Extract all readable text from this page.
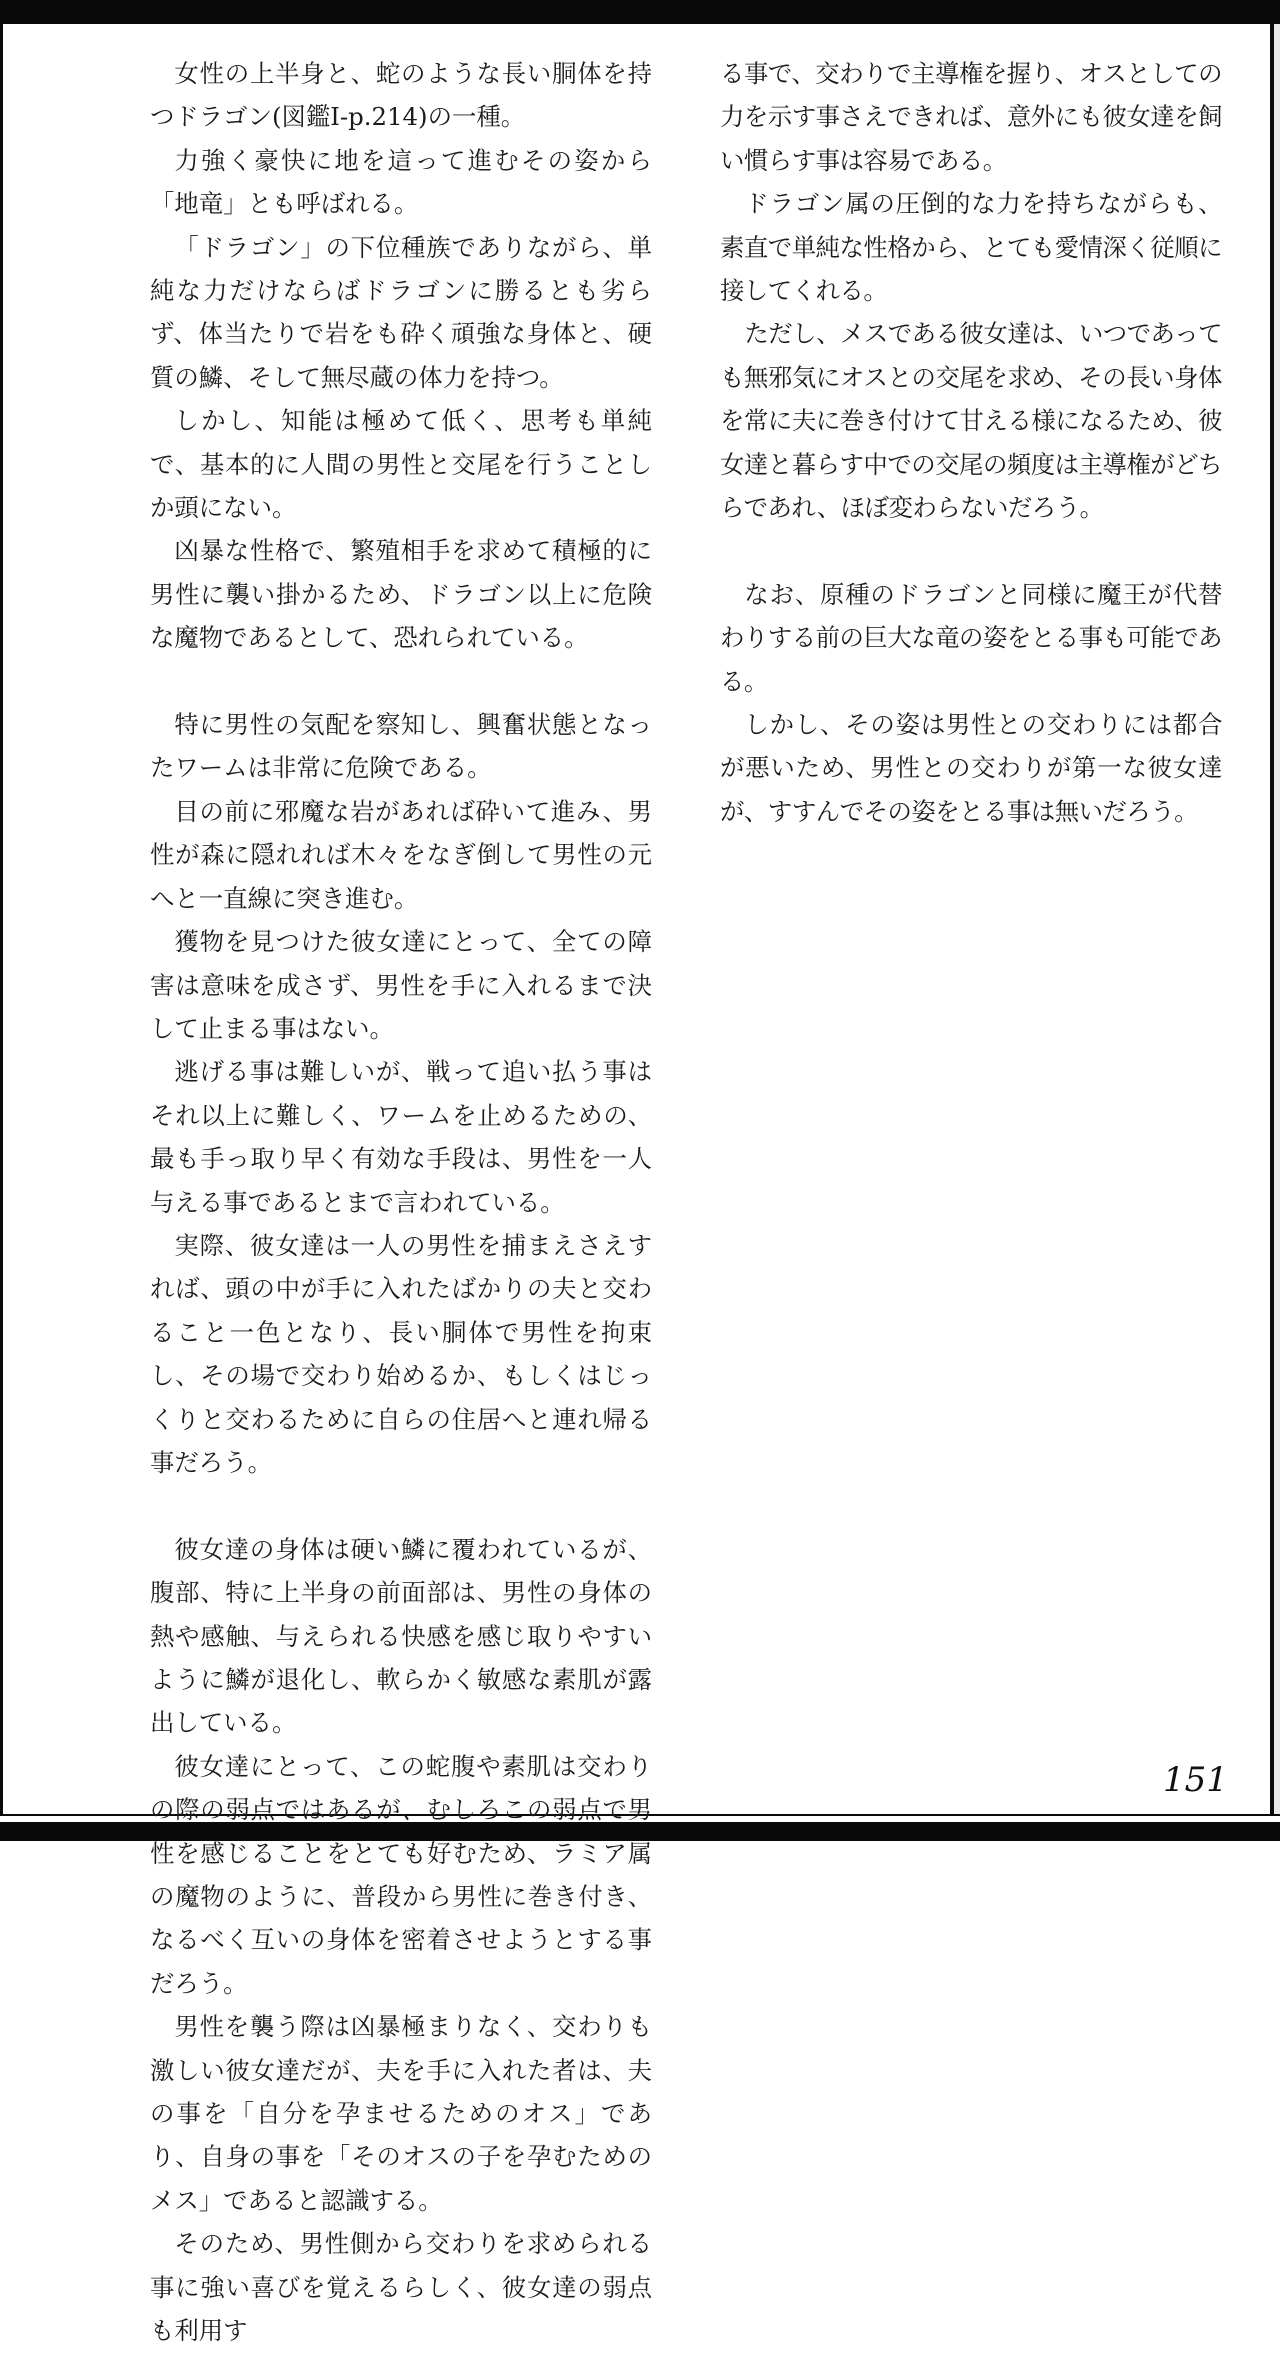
女性の上半身と、蛇のような長い胴体を持つドラゴン(図鑑Ⅰ-p.214)の一種。

力強く豪快に地を這って進むその姿から「地竜」とも呼ばれる。

「ドラゴン」の下位種族でありながら、単純な力だけならばドラゴンに勝るとも劣らず、体当たりで岩をも砕く頑強な身体と、硬質の鱗、そして無尽蔵の体力を持つ。

しかし、知能は極めて低く、思考も単純で、基本的に人間の男性と交尾を行うことしか頭にない。

凶暴な性格で、繁殖相手を求めて積極的に男性に襲い掛かるため、ドラゴン以上に危険な魔物であるとして、恐れられている。

特に男性の気配を察知し、興奮状態となったワームは非常に危険である。

目の前に邪魔な岩があれば砕いて進み、男性が森に隠れれば木々をなぎ倒して男性の元へと一直線に突き進む。

獲物を見つけた彼女達にとって、全ての障害は意味を成さず、男性を手に入れるまで決して止まる事はない。

逃げる事は難しいが、戦って追い払う事はそれ以上に難しく、ワームを止めるための、最も手っ取り早く有効な手段は、男性を一人与える事であるとまで言われている。

実際、彼女達は一人の男性を捕まえさえすれば、頭の中が手に入れたばかりの夫と交わること一色となり、長い胴体で男性を拘束し、その場で交わり始めるか、もしくはじっくりと交わるために自らの住居へと連れ帰る事だろう。

彼女達の身体は硬い鱗に覆われているが、腹部、特に上半身の前面部は、男性の身体の熱や感触、与えられる快感を感じ取りやすいように鱗が退化し、軟らかく敏感な素肌が露出している。

彼女達にとって、この蛇腹や素肌は交わりの際の弱点ではあるが、むしろこの弱点で男性を感じることをとても好むため、ラミア属の魔物のように、普段から男性に巻き付き、なるべく互いの身体を密着させようとする事だろう。

男性を襲う際は凶暴極まりなく、交わりも激しい彼女達だが、夫を手に入れた者は、夫の事を「自分を孕ませるためのオス」であり、自身の事を「そのオスの子を孕むためのメス」であると認識する。

そのため、男性側から交わりを求められる事に強い喜びを覚えるらしく、彼女達の弱点も利用す

る事で、交わりで主導権を握り、オスとしての力を示す事さえできれば、意外にも彼女達を飼い慣らす事は容易である。

ドラゴン属の圧倒的な力を持ちながらも、素直で単純な性格から、とても愛情深く従順に接してくれる。

ただし、メスである彼女達は、いつであっても無邪気にオスとの交尾を求め、その長い身体を常に夫に巻き付けて甘える様になるため、彼女達と暮らす中での交尾の頻度は主導権がどちらであれ、ほぼ変わらないだろう。

なお、原種のドラゴンと同様に魔王が代替わりする前の巨大な竜の姿をとる事も可能である。

しかし、その姿は男性との交わりには都合が悪いため、男性との交わりが第一な彼女達が、すすんでその姿をとる事は無いだろう。

151
